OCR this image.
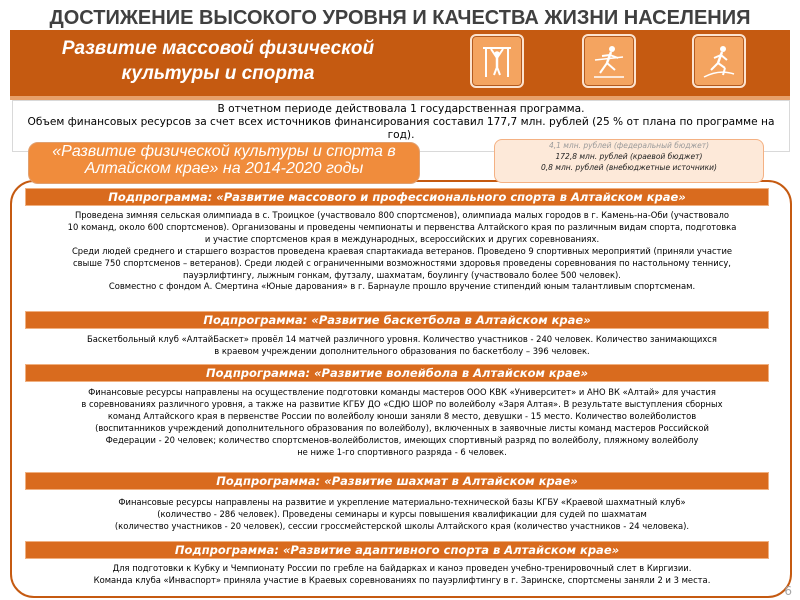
ДОСТИЖЕНИЕ ВЫСОКОГО УРОВНЯ И КАЧЕСТВА ЖИЗНИ НАСЕЛЕНИЯ
Развитие массовой физической культуры и спорта
В отчетном периоде действовала 1 государственная программа.
Объем финансовых ресурсов за счет всех источников финансирования составил 177,7 млн. рублей (25 % от плана по программе на год).
«Развитие физической культуры и спорта в Алтайском крае» на 2014-2020 годы
4,1 млн. рублей (федеральный бюджет)
172,8 млн. рублей (краевой бюджет)
0,8 млн. рублей (внебюджетные источники)
Подпрограмма: «Развитие массового и профессионального спорта в Алтайском крае»
Проведена зимняя сельская олимпиада в с. Троицкое (участвовало 800 спортсменов), олимпиада малых городов в г. Камень-на-Оби (участвовало
10 команд, около 600 спортсменов). Организованы и проведены чемпионаты и первенства Алтайского края по различным видам спорта, подготовка
и участие спортсменов края в международных, всероссийских и других соревнованиях.
Среди людей среднего и старшего возрастов проведена краевая спартакиада ветеранов. Проведено 9 спортивных мероприятий (приняли участие
свыше 750 спортсменов – ветеранов). Среди людей с ограниченными возможностями здоровья проведены соревнования по настольному теннису,
пауэрлифтингу, лыжным гонкам, футзалу, шахматам, боулингу (участвовало более 500 человек).
Совместно с фондом А. Смертина «Юные дарования» в г. Барнауле прошло вручение стипендий юным талантливым спортсменам.
Подпрограмма: «Развитие баскетбола в Алтайском крае»
Баскетбольный клуб «АлтайБаскет» провёл 14 матчей различного уровня. Количество участников - 240 человек. Количество занимающихся
в краевом учреждении дополнительного образования по баскетболу – 396 человек.
Подпрограмма: «Развитие волейбола в Алтайском крае»
Финансовые ресурсы направлены на осуществление подготовки команды мастеров ООО КВК «Университет» и АНО ВК «Алтай» для участия
в соревнованиях различного уровня, а также на развитие КГБУ ДО «СДЮ ШОР по волейболу «Заря Алтая». В результате выступления сборных
команд Алтайского края в первенстве России по волейболу юноши заняли 8 место, девушки - 15 место. Количество волейболистов
(воспитанников учреждений дополнительного образования по волейболу), включенных в заявочные листы команд мастеров Российской
Федерации - 20 человек; количество спортсменов-волейболистов, имеющих спортивный разряд по волейболу, пляжному волейболу
не ниже 1-го спортивного разряда - 6 человек.
Подпрограмма: «Развитие шахмат в Алтайском крае»
Финансовые ресурсы направлены на развитие и укрепление материально-технической базы КГБУ «Краевой шахматный клуб»
(количество - 286 человек). Проведены семинары и курсы повышения квалификации для судей по шахматам
(количество участников - 20 человек), сессии гроссмейстерской школы Алтайского края (количество участников - 24 человека).
Подпрограмма: «Развитие адаптивного спорта в Алтайском крае»
Для подготовки к Кубку и Чемпионату России по гребле на байдарках и каноэ проведен учебно-тренировочный слет в Киргизии.
Команда клуба «Инваспорт» приняла участие в Краевых соревнованиях по пауэрлифтингу в г. Заринске, спортсмены заняли 2 и 3 места.
6
